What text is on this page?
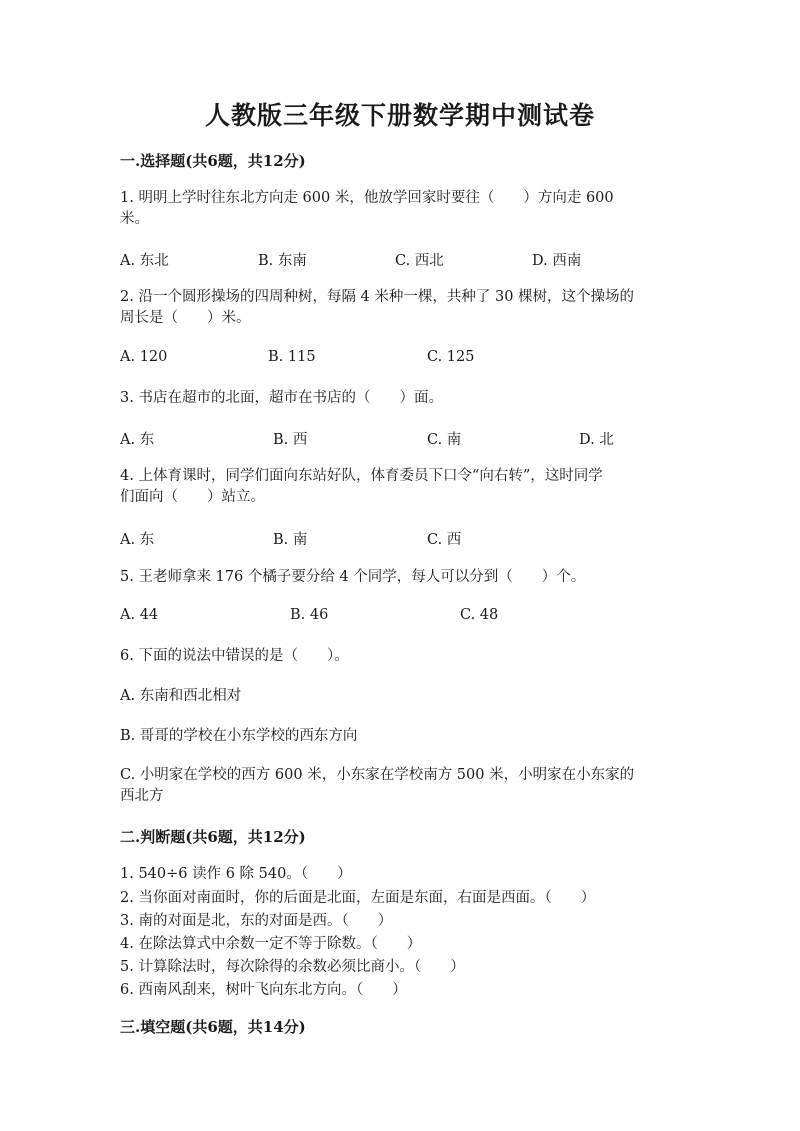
人教版三年级下册数学期中测试卷
一.选择题(共6题，共12分)
1. 明明上学时往东北方向走 600 米，他放学回家时要往（　　）方向走 600
米。
A. 东北	B. 东南	C. 西北	D. 西南
2. 沿一个圆形操场的四周种树，每隔 4 米种一棵，共种了 30 棵树，这个操场的
周长是（　　）米。
A. 120	B. 115	C. 125
3. 书店在超市的北面，超市在书店的（　　）面。
A. 东	B. 西	C. 南	D. 北
4. 上体育课时，同学们面向东站好队，体育委员下口令“向右转”，这时同学
们面向（　　）站立。
A. 东	B. 南	C. 西
5. 王老师拿来 176 个橘子要分给 4 个同学，每人可以分到（　　）个。
A. 44	B. 46	C. 48
6. 下面的说法中错误的是（　　）。
A. 东南和西北相对
B. 哥哥的学校在小东学校的西东方向
C. 小明家在学校的西方 600 米，小东家在学校南方 500 米，小明家在小东家的
西北方
二.判断题(共6题，共12分)
1. 540÷6 读作 6 除 540。（　　）
2. 当你面对南面时，你的后面是北面，左面是东面，右面是西面。（　　）
3. 南的对面是北，东的对面是西。（　　）
4. 在除法算式中余数一定不等于除数。（　　）
5. 计算除法时，每次除得的余数必须比商小。（　　）
6. 西南风刮来，树叶飞向东北方向。（　　）
三.填空题(共6题，共14分)
